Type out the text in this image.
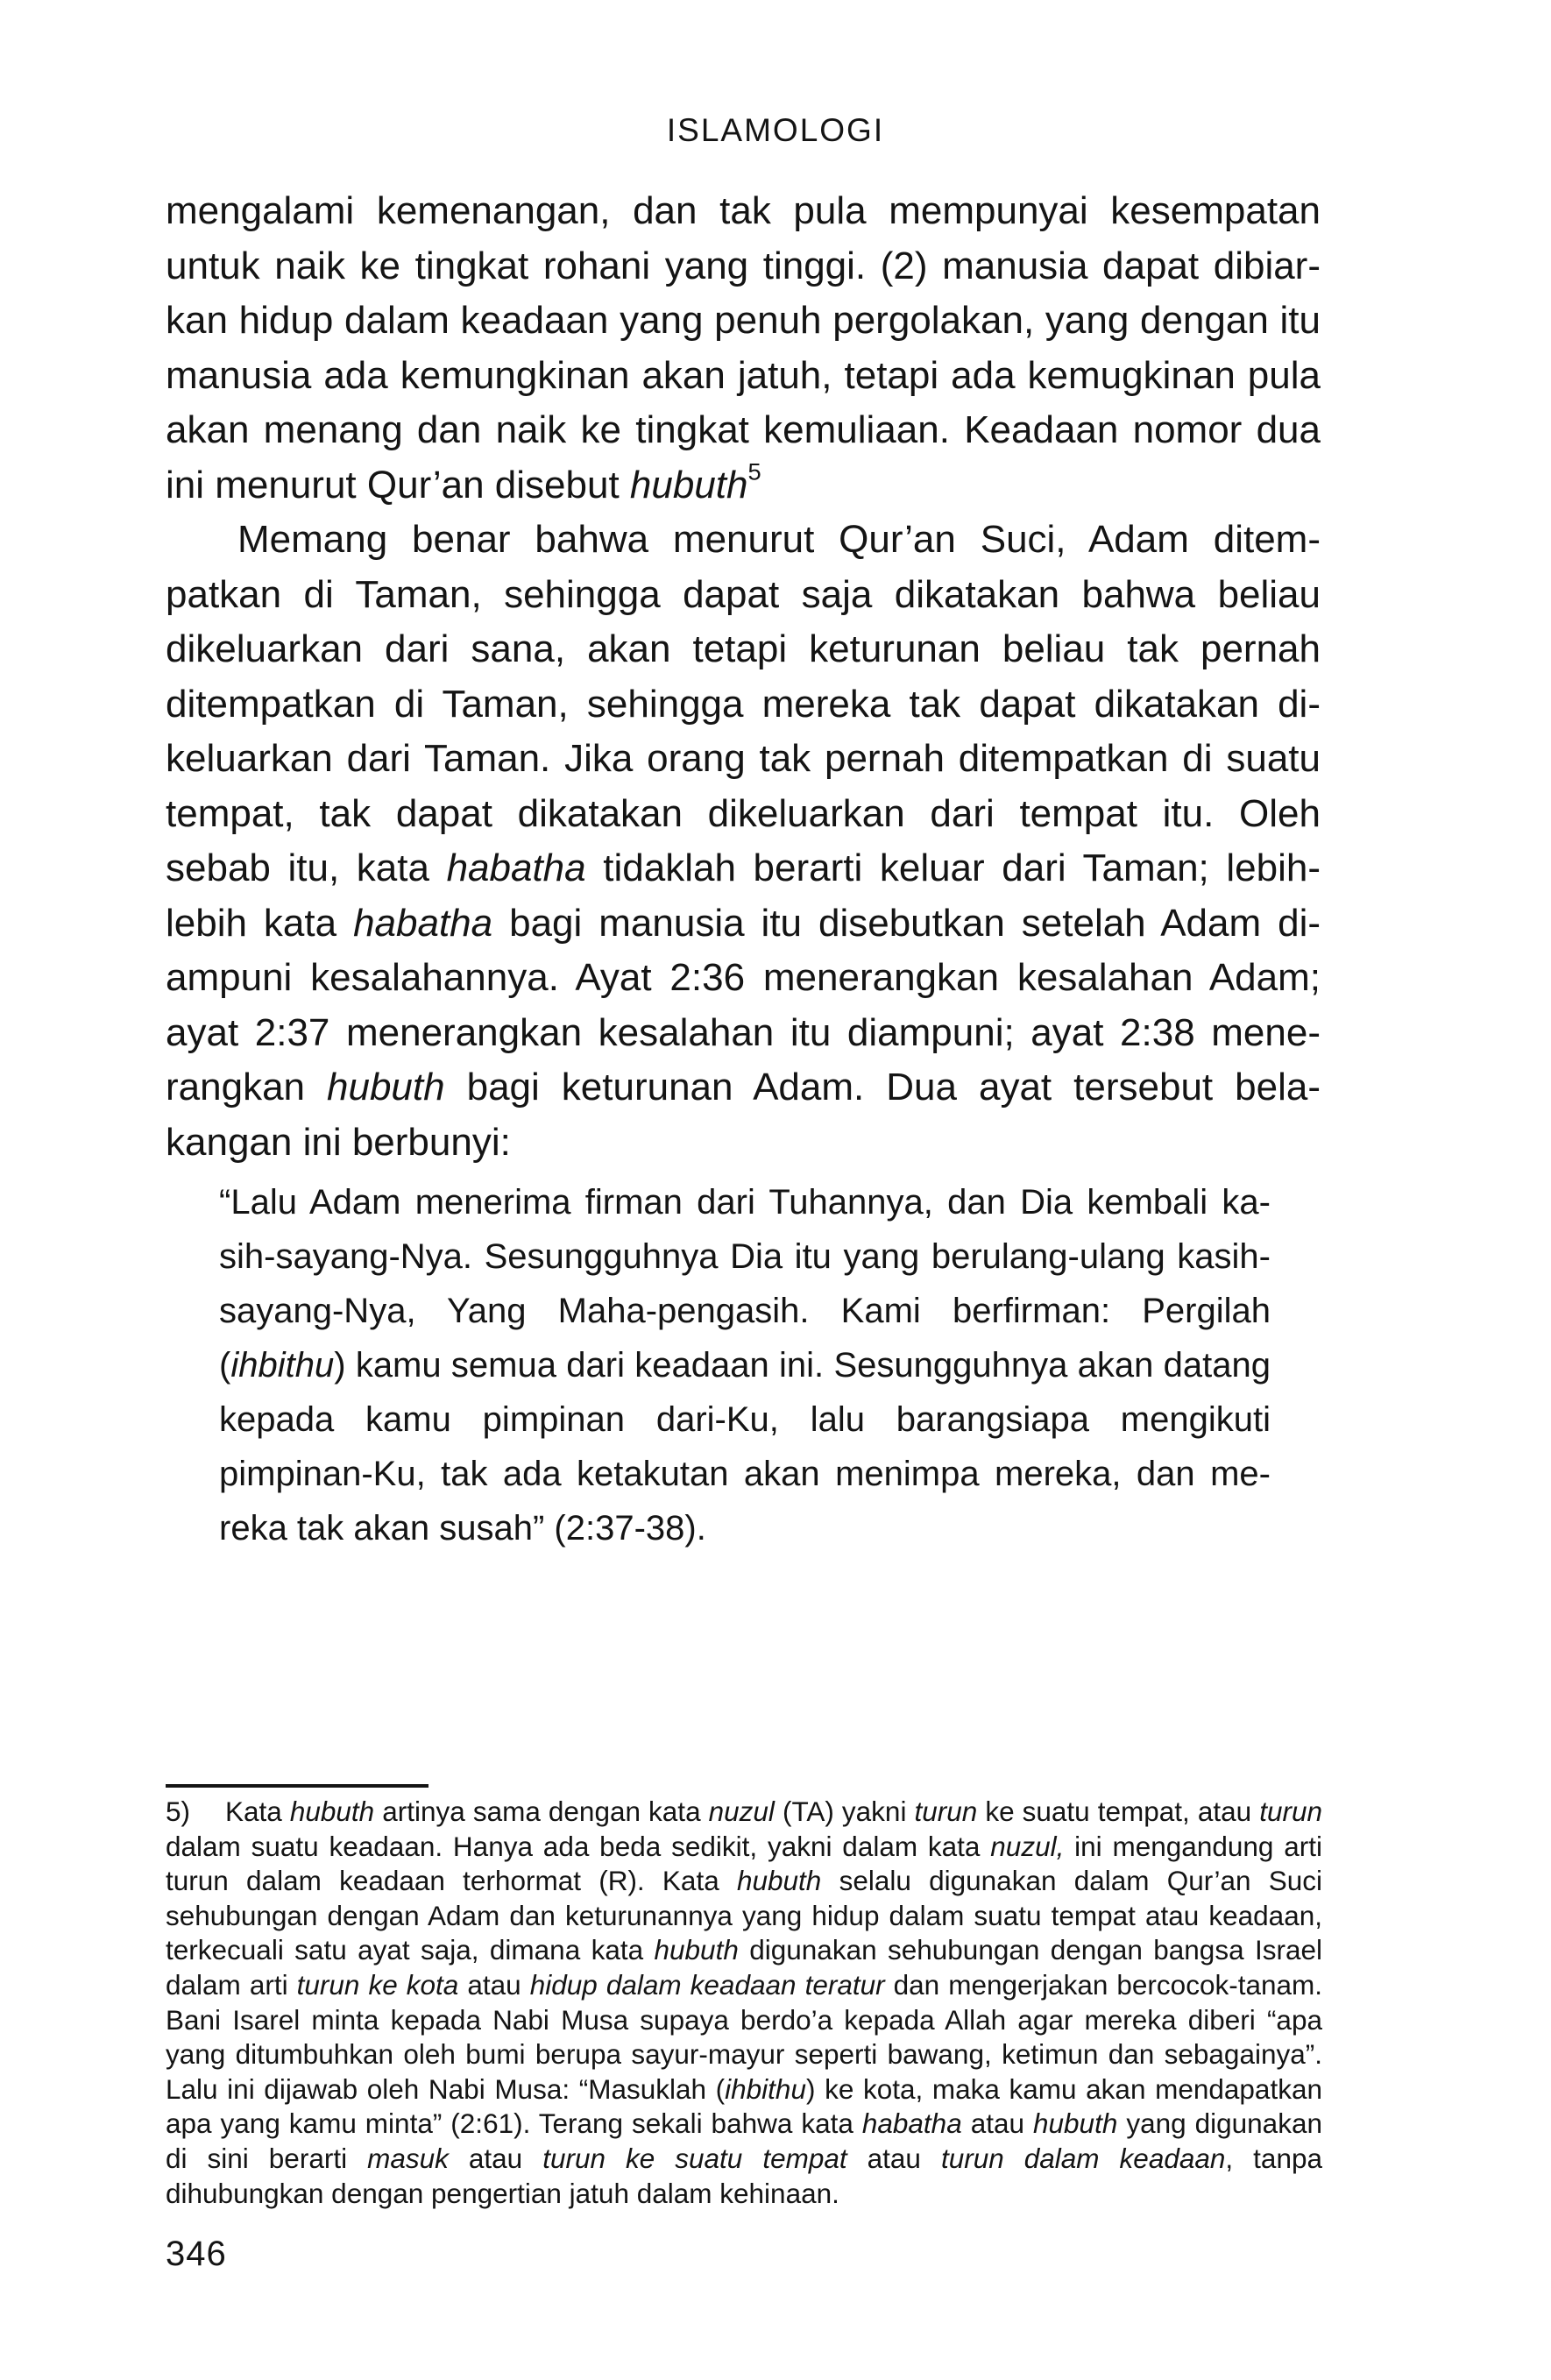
ISLAMOLOGI

mengalami kemenangan, dan tak pula mempunyai kesempatan untuk naik ke tingkat rohani yang tinggi. (2) manusia dapat dibiarkan hidup dalam keadaan yang penuh pergolakan, yang dengan itu manusia ada kemungkinan akan jatuh, tetapi ada kemugkinan pula akan menang dan naik ke tingkat kemuliaan. Keadaan nomor dua ini menurut Qur’an disebut hubuth$^5$

Memang benar bahwa menurut Qur’an Suci, Adam ditempatkan di Taman, sehingga dapat saja dikatakan bahwa beliau dikeluarkan dari sana, akan tetapi keturunan beliau tak pernah ditempatkan di Taman, sehingga mereka tak dapat dikatakan dikeluarkan dari Taman. Jika orang tak pernah ditempatkan di suatu tempat, tak dapat dikatakan dikeluarkan dari tempat itu. Oleh sebab itu, kata habatha tidaklah berarti keluar dari Taman; lebih-lebih kata habatha bagi manusia itu disebutkan setelah Adam diampuni kesalahannya. Ayat 2:36 menerangkan kesalahan Adam; ayat 2:37 menerangkan kesalahan itu diampuni; ayat 2:38 menerangkan hubuth bagi keturunan Adam. Dua ayat tersebut belakangan ini berbunyi:

“Lalu Adam menerima firman dari Tuhannya, dan Dia kembali kasih-sayang-Nya. Sesungguhnya Dia itu yang berulang-ulang kasih-sayang-Nya, Yang Maha-pengasih. Kami berfirman: Pergilah (ihbithu) kamu semua dari keadaan ini. Sesungguhnya akan datang kepada kamu pimpinan dari-Ku, lalu barangsiapa mengikuti pimpinan-Ku, tak ada ketakutan akan menimpa mereka, dan mereka tak akan susah” (2:37-38).

5) Kata hubuth artinya sama dengan kata nuzul (TA) yakni turun ke suatu tempat, atau turun dalam suatu keadaan. Hanya ada beda sedikit, yakni dalam kata nuzul, ini mengandung arti turun dalam keadaan terhormat (R). Kata hubuth selalu digunakan dalam Qur’an Suci sehubungan dengan Adam dan keturunannya yang hidup dalam suatu tempat atau keadaan, terkecuali satu ayat saja, dimana kata hubuth digunakan sehubungan dengan bangsa Israel dalam arti turun ke kota atau hidup dalam keadaan teratur dan mengerjakan bercocok-tanam. Bani Isarel minta kepada Nabi Musa supaya berdo’a kepada Allah agar mereka diberi “apa yang ditumbuhkan oleh bumi berupa sayur-mayur seperti bawang, ketimun dan sebagainya”. Lalu ini dijawab oleh Nabi Musa: “Masuklah (ihbithu) ke kota, maka kamu akan mendapatkan apa yang kamu minta” (2:61). Terang sekali bahwa kata habatha atau hubuth yang digunakan di sini berarti masuk atau turun ke suatu tempat atau turun dalam keadaan, tanpa dihubungkan dengan pengertian jatuh dalam kehinaan.

346
